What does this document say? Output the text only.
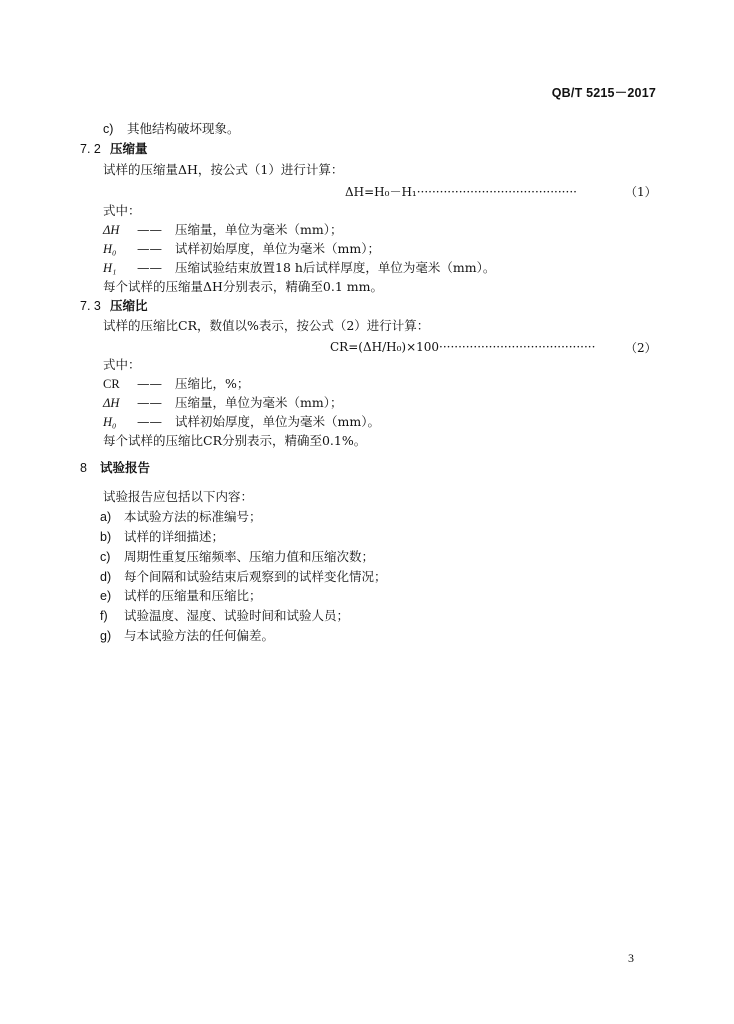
QB/T 5215－2017
c) 其他结构破坏现象。
7. 2 压缩量
试样的压缩量ΔH，按公式（1）进行计算：
ΔH=H₀－H₁··········································	（1）
式中：
ΔH —— 压缩量，单位为毫米（mm）；
H₀ —— 试样初始厚度，单位为毫米（mm）；
H₁ —— 压缩试验结束放置18 h后试样厚度，单位为毫米（mm）。
每个试样的压缩量ΔH分别表示，精确至0.1 mm。
7. 3 压缩比
试样的压缩比CR，数值以%表示，按公式（2）进行计算：
CR=(ΔH/H₀)×100········································· （2）
式中：
CR —— 压缩比，%；
ΔH —— 压缩量，单位为毫米（mm）；
H₀ —— 试样初始厚度，单位为毫米（mm）。
每个试样的压缩比CR分别表示，精确至0.1%。
8 试验报告
试验报告应包括以下内容：
a) 本试验方法的标准编号；
b) 试样的详细描述；
c) 周期性重复压缩频率、压缩力值和压缩次数；
d) 每个间隔和试验结束后观察到的试样变化情况；
e) 试样的压缩量和压缩比；
f) 试验温度、湿度、试验时间和试验人员；
g) 与本试验方法的任何偏差。
3
